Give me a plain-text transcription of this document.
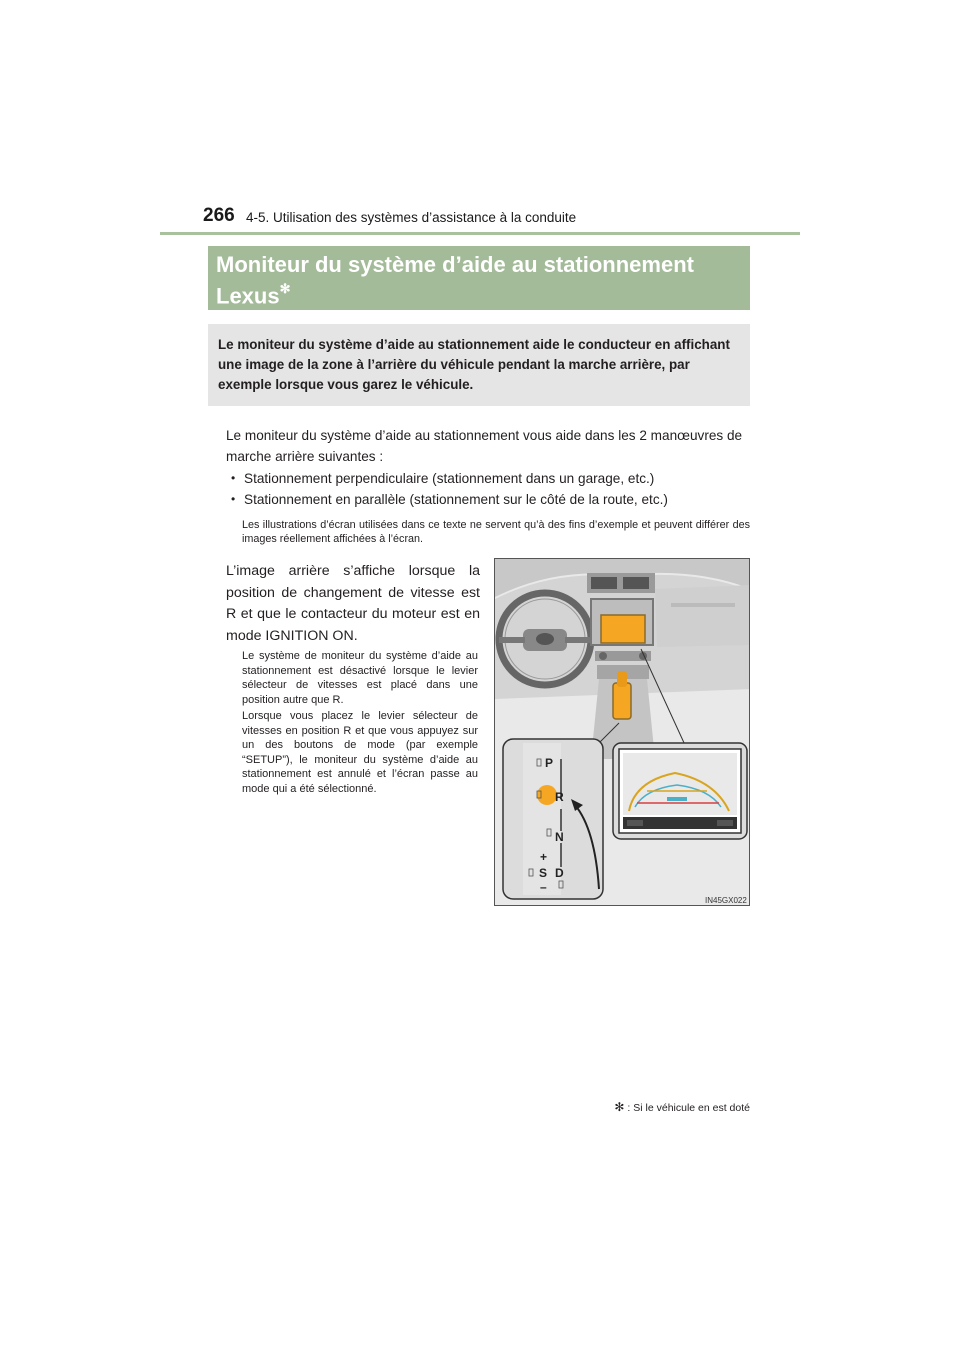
266 4-5. Utilisation des systèmes d’assistance à la conduite
Moniteur du système d’aide au stationnement Lexus✻
Le moniteur du système d’aide au stationnement aide le conducteur en affichant une image de la zone à l’arrière du véhicule pendant la marche arrière, par exemple lorsque vous garez le véhicule.
Le moniteur du système d’aide au stationnement vous aide dans les 2 manœuvres de marche arrière suivantes :
• Stationnement perpendiculaire (stationnement dans un garage, etc.)
• Stationnement en parallèle (stationnement sur le côté de la route, etc.)
Les illustrations d’écran utilisées dans ce texte ne servent qu’à des fins d’exemple et peuvent différer des images réellement affichées à l’écran.
L’image arrière s’affiche lorsque la position de changement de vitesse est R et que le contacteur du moteur est en mode IGNITION ON.
Le système de moniteur du système d’aide au stationnement est désactivé lorsque le levier sélecteur de vitesses est placé dans une position autre que R.
Lorsque vous placez le levier sélecteur de vitesses en position R et que vous appuyez sur un des boutons de mode (par exemple “SETUP”), le moniteur du système d’aide au stationnement est annulé et l’écran passe au mode qui a été sélectionné.
P
R
N
D
S
+
–
IN45GX022
✻ : Si le véhicule en est doté
